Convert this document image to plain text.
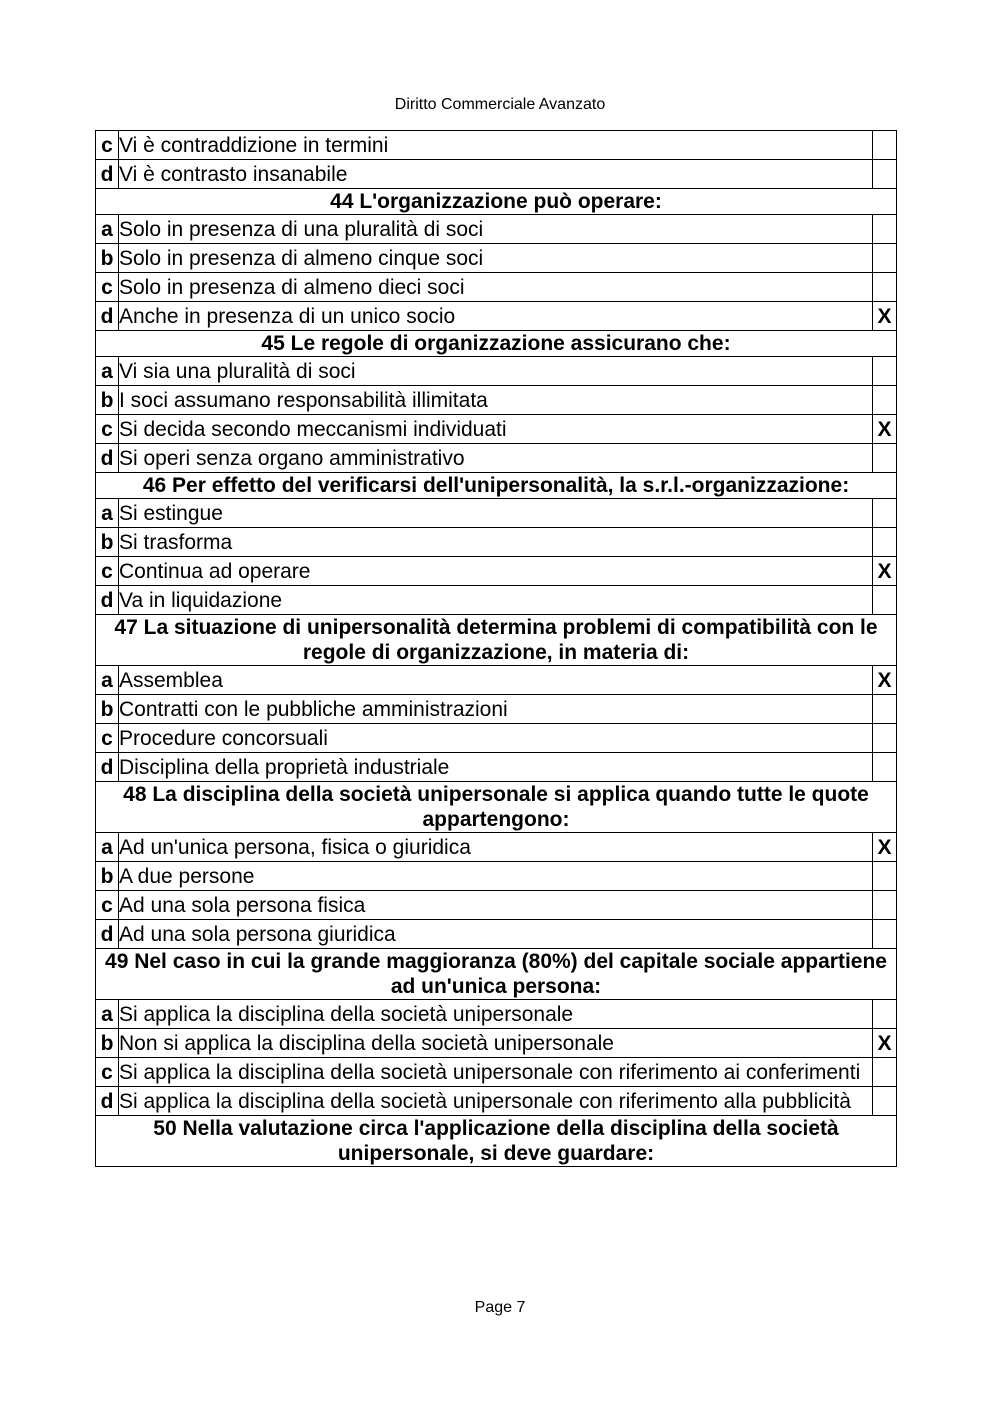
Diritto Commerciale Avanzato
c	Vi è contraddizione in termini	
d	Vi è contrasto insanabile	
44 L'organizzazione può operare:		
a	Solo in presenza di una pluralità di soci	
b	Solo in presenza di almeno cinque soci	
c	Solo in presenza di almeno dieci soci	
d	Anche in presenza di un unico socio	X
45 Le regole di organizzazione assicurano che:		
a	Vi sia una pluralità di soci	
b	I soci assumano responsabilità illimitata	
c	Si decida secondo meccanismi individuati	X
d	Si operi senza organo amministrativo	
46 Per effetto del verificarsi dell'unipersonalità, la s.r.l.-organizzazione:		
a	Si estingue	
b	Si trasforma	
c	Continua ad operare	X
d	Va in liquidazione	
47 La situazione di unipersonalità determina problemi di compatibilità con le regole di organizzazione, in materia di:		
a	Assemblea	X
b	Contratti con le pubbliche amministrazioni	
c	Procedure concorsuali	
d	Disciplina della proprietà industriale	
48 La disciplina della società unipersonale si applica quando tutte le quote appartengono:		
a	Ad un'unica persona, fisica o giuridica	X
b	A due persone	
c	Ad una sola persona fisica	
d	Ad una sola persona giuridica	
49 Nel caso in cui la grande maggioranza (80%) del capitale sociale appartiene ad un'unica persona:		
a	Si applica la disciplina della società unipersonale	
b	Non si applica la disciplina della società unipersonale	X
c	Si applica la disciplina della società unipersonale con riferimento ai conferimenti	
d	Si applica la disciplina della società unipersonale con riferimento alla pubblicità	
50 Nella valutazione circa l'applicazione della disciplina della società unipersonale, si deve guardare:		
Page 7
